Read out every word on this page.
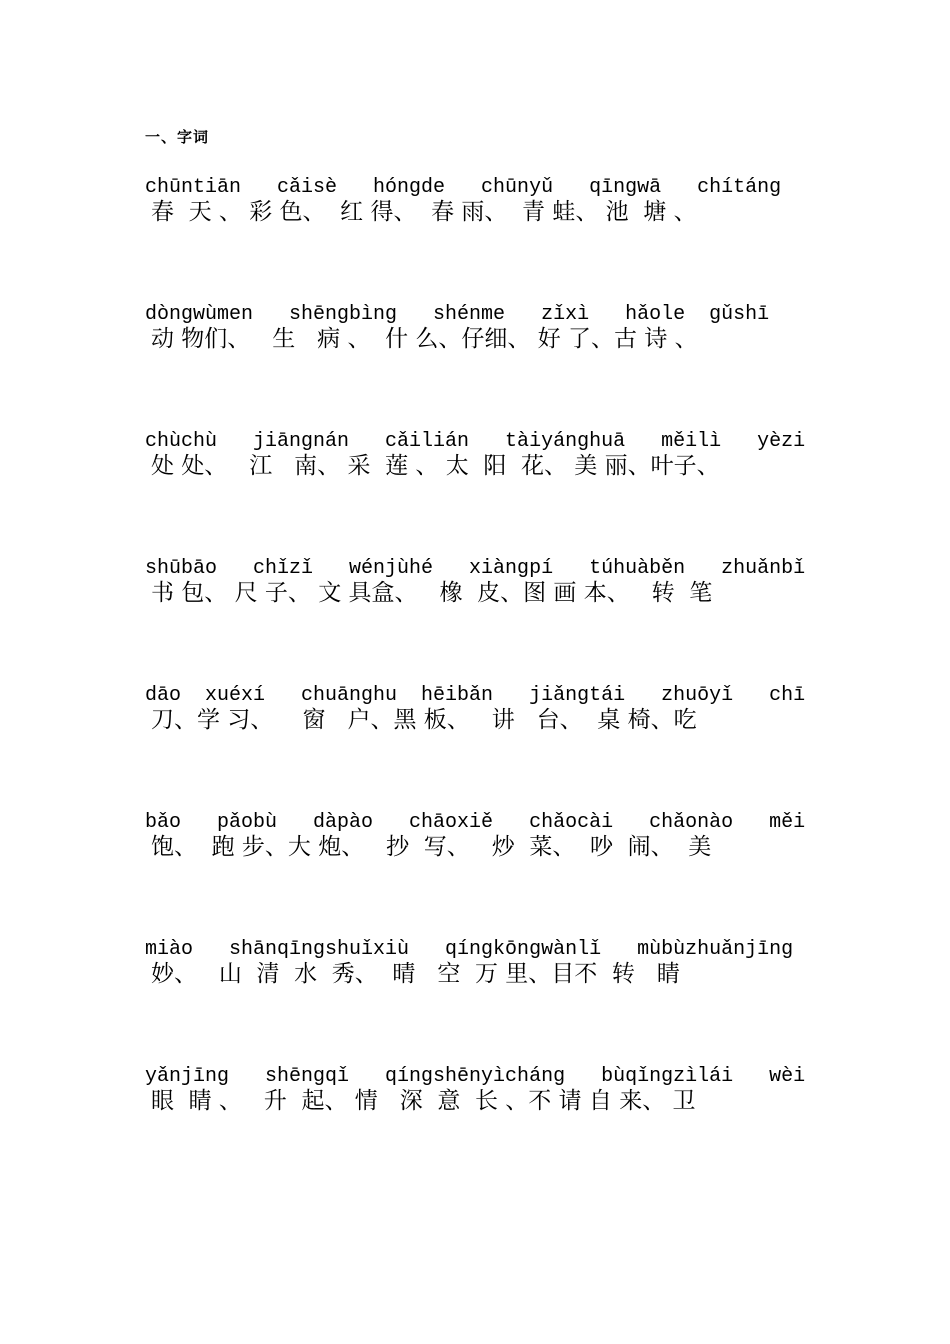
一、字词
chūntiān   cǎisè   hóngde   chūnyǔ   qīngwā   chítáng
春  天 、 彩 色、  红 得、  春 雨、  青 蛙、 池  塘 、
dòngwùmen   shēngbìng   shénme   zǐxì   hǎole  gǔshī
动 物们、   生   病 、  什 么、仔细、 好 了、古 诗 、
chùchù   jiāngnán   cǎilián   tàiyánghuā   měilì   yèzi
处 处、   江   南、 采  莲 、 太  阳  花、 美 丽、叶子、
shūbāo   chǐzǐ   wénjùhé   xiàngpí   túhuàběn   zhuǎnbǐ
书 包、 尺 子、 文 具盒、   橡  皮、图 画 本、   转  笔
dāo  xuéxí   chuānghu  hēibǎn   jiǎngtái   zhuōyǐ   chī
刀、学 习、    窗   户、黑 板、   讲   台、  桌 椅、吃
bǎo   pǎobù   dàpào   chāoxiě   chǎocài   chǎonào   měi
饱、  跑 步、大 炮、   抄  写、   炒  菜、  吵  闹、  美
miào   shānqīngshuǐxiù   qíngkōngwànlǐ   mùbùzhuǎnjīng
妙、   山  清  水  秀、  晴   空  万 里、目不  转   睛
yǎnjīng   shēngqǐ   qíngshēnyìcháng   bùqǐngzìlái   wèi
眼  睛 、   升  起、 情   深  意  长 、不 请 自 来、 卫
